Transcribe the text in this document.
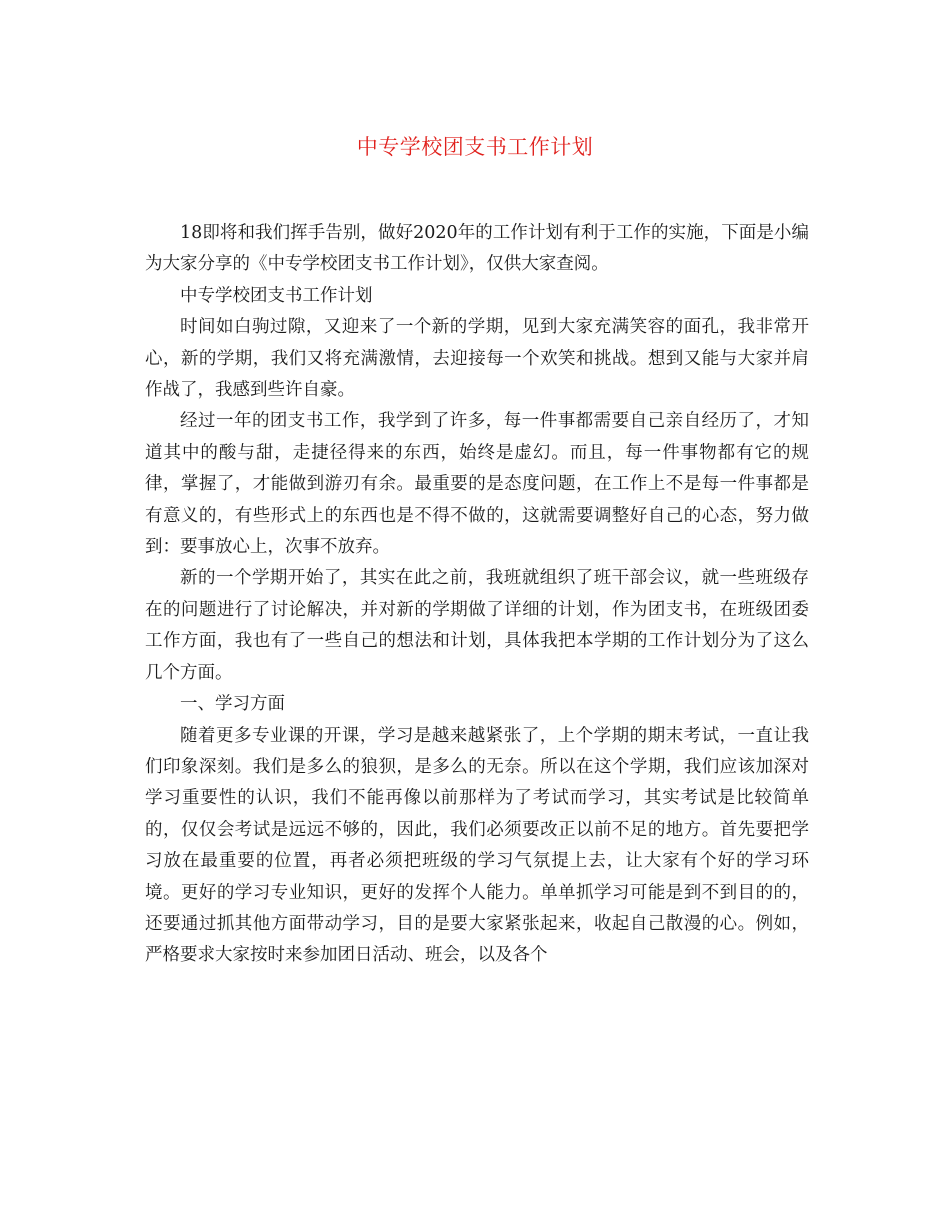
中专学校团支书工作计划

18即将和我们挥手告别，做好2020年的工作计划有利于工作的实施，下面是小编为大家分享的《中专学校团支书工作计划》，仅供大家查阅。

中专学校团支书工作计划

时间如白驹过隙，又迎来了一个新的学期，见到大家充满笑容的面孔，我非常开心，新的学期，我们又将充满激情，去迎接每一个欢笑和挑战。想到又能与大家并肩作战了，我感到些许自豪。

经过一年的团支书工作，我学到了许多，每一件事都需要自己亲自经历了，才知道其中的酸与甜，走捷径得来的东西，始终是虚幻。而且，每一件事物都有它的规律，掌握了，才能做到游刃有余。最重要的是态度问题，在工作上不是每一件事都是有意义的，有些形式上的东西也是不得不做的，这就需要调整好自己的心态，努力做到：要事放心上，次事不放弃。

新的一个学期开始了，其实在此之前，我班就组织了班干部会议，就一些班级存在的问题进行了讨论解决，并对新的学期做了详细的计划，作为团支书，在班级团委工作方面，我也有了一些自己的想法和计划，具体我把本学期的工作计划分为了这么几个方面。

一、学习方面

随着更多专业课的开课，学习是越来越紧张了，上个学期的期末考试，一直让我们印象深刻。我们是多么的狼狈，是多么的无奈。所以在这个学期，我们应该加深对学习重要性的认识，我们不能再像以前那样为了考试而学习，其实考试是比较简单的，仅仅会考试是远远不够的，因此，我们必须要改正以前不足的地方。首先要把学习放在最重要的位置，再者必须把班级的学习气氛提上去，让大家有个好的学习环境。更好的学习专业知识，更好的发挥个人能力。单单抓学习可能是到不到目的的，还要通过抓其他方面带动学习，目的是要大家紧张起来，收起自己散漫的心。例如，严格要求大家按时来参加团日活动、班会，以及各个
